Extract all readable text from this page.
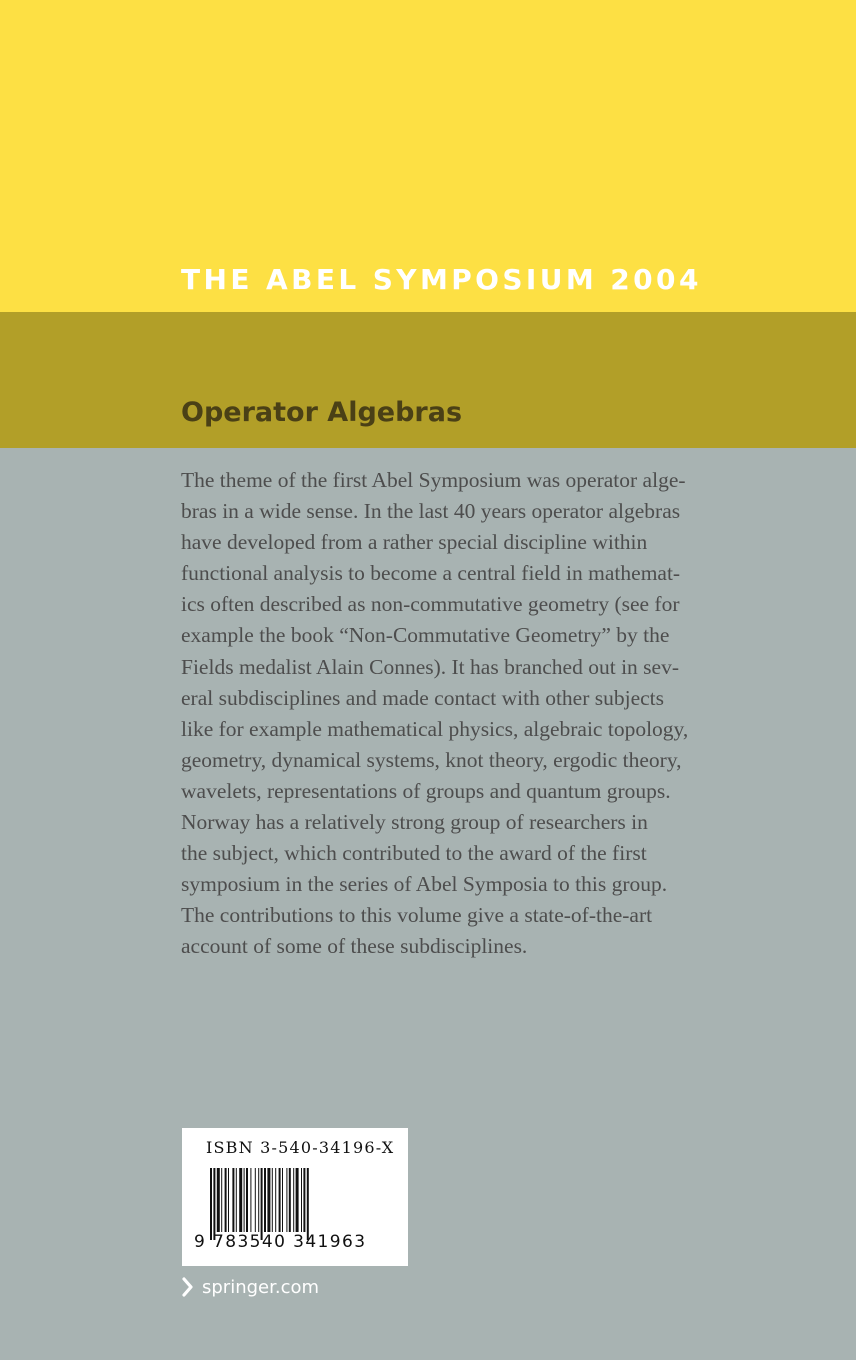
THE ABEL SYMPOSIUM 2004
Operator Algebras
The theme of the first Abel Symposium was operator alge-
bras in a wide sense. In the last 40 years operator algebras
have developed from a rather special discipline within
functional analysis to become a central field in mathemat-
ics often described as non-commutative geometry (see for
example the book “Non-Commutative Geometry” by the
Fields medalist Alain Connes). It has branched out in sev-
eral subdisciplines and made contact with other subjects
like for example mathematical physics, algebraic topology,
geometry, dynamical systems, knot theory, ergodic theory,
wavelets, representations of groups and quantum groups.
Norway has a relatively strong group of researchers in
the subject, which contributed to the award of the first
symposium in the series of Abel Symposia to this group.
The contributions to this volume give a state-of-the-art
account of some of these subdisciplines.
ISBN 3-540-34196-X
9 783540 341963
springer.com
